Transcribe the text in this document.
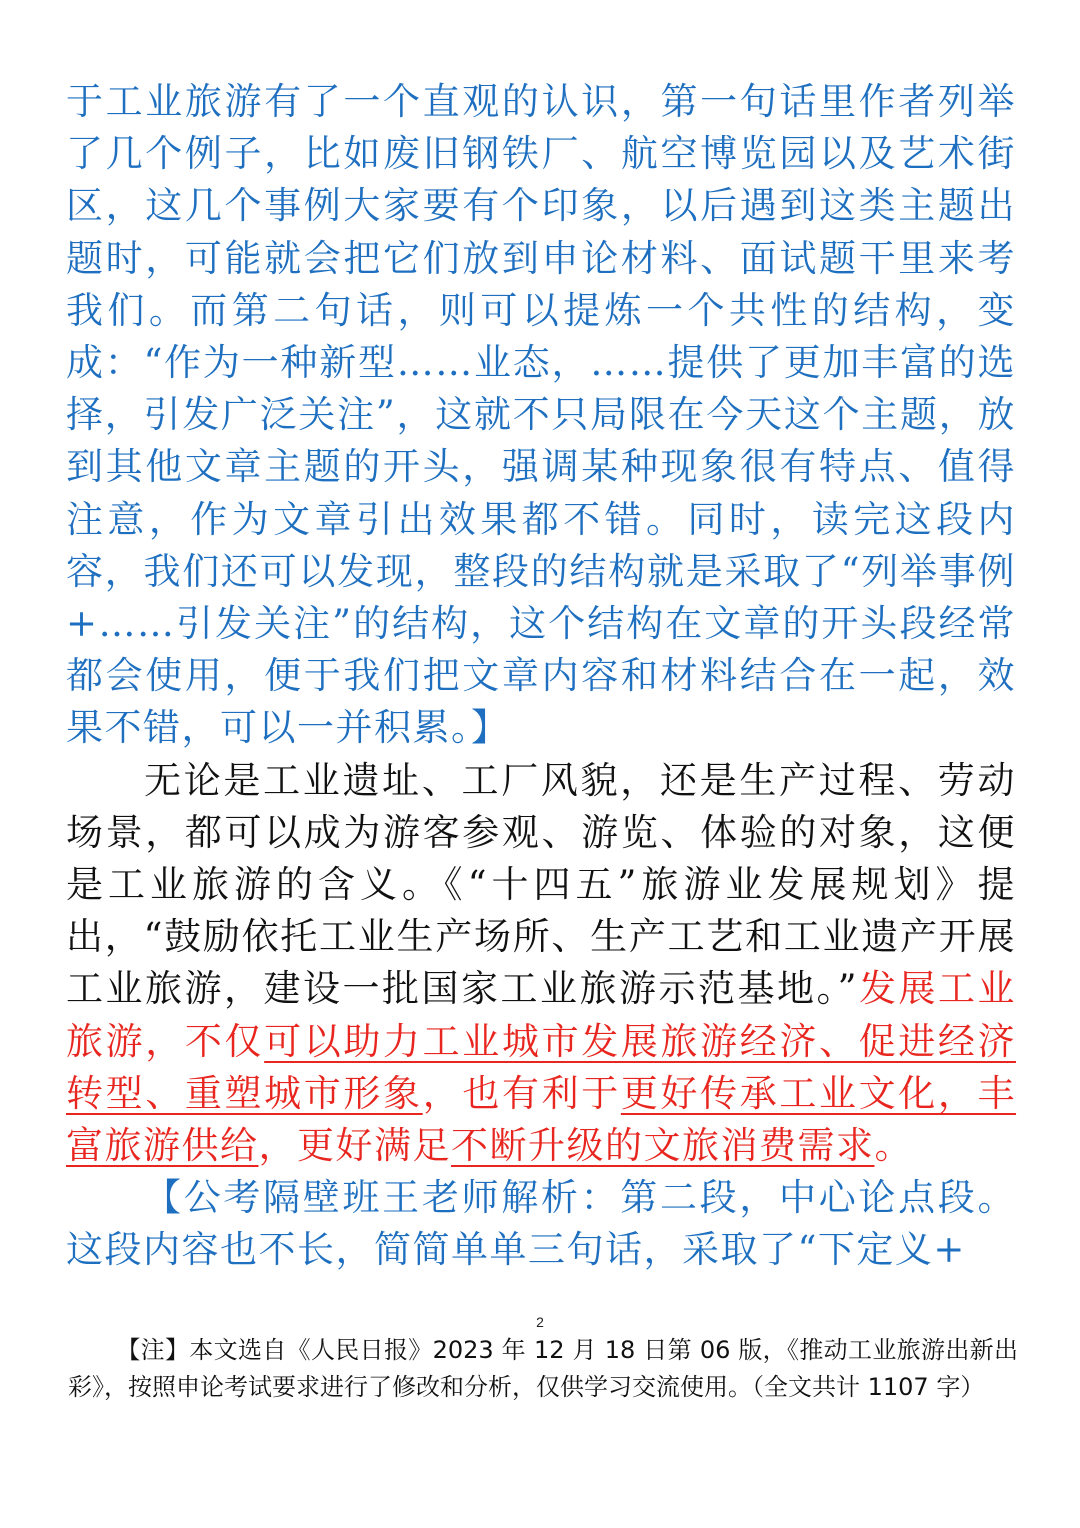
于工业旅游有了一个直观的认识，第一句话里作者列举了几个例子，比如废旧钢铁厂、航空博览园以及艺术街区，这几个事例大家要有个印象，以后遇到这类主题出题时，可能就会把它们放到申论材料、面试题干里来考我们。而第二句话，则可以提炼一个共性的结构，变成：“作为一种新型……业态，……提供了更加丰富的选择，引发广泛关注”，这就不只局限在今天这个主题，放到其他文章主题的开头，强调某种现象很有特点、值得注意，作为文章引出效果都不错。同时，读完这段内容，我们还可以发现，整段的结构就是采取了“列举事例+……引发关注”的结构，这个结构在文章的开头段经常都会使用，便于我们把文章内容和材料结合在一起，效果不错，可以一并积累。】

无论是工业遗址、工厂风貌，还是生产过程、劳动场景，都可以成为游客参观、游览、体验的对象，这便是工业旅游的含义。《“十四五”旅游业发展规划》提出，“鼓励依托工业生产场所、生产工艺和工业遗产开展工业旅游，建设一批国家工业旅游示范基地。”发展工业旅游，不仅可以助力工业城市发展旅游经济、促进经济转型、重塑城市形象，也有利于更好传承工业文化，丰富旅游供给，更好满足不断升级的文旅消费需求。

【公考隔壁班王老师解析：第二段，中心论点段。这段内容也不长，简简单单三句话，采取了“下定义+

2
【注】本文选自《人民日报》2023 年 12 月 18 日第 06 版，《推动工业旅游出新出彩》，按照申论考试要求进行了修改和分析，仅供学习交流使用。（全文共计 1107 字）
